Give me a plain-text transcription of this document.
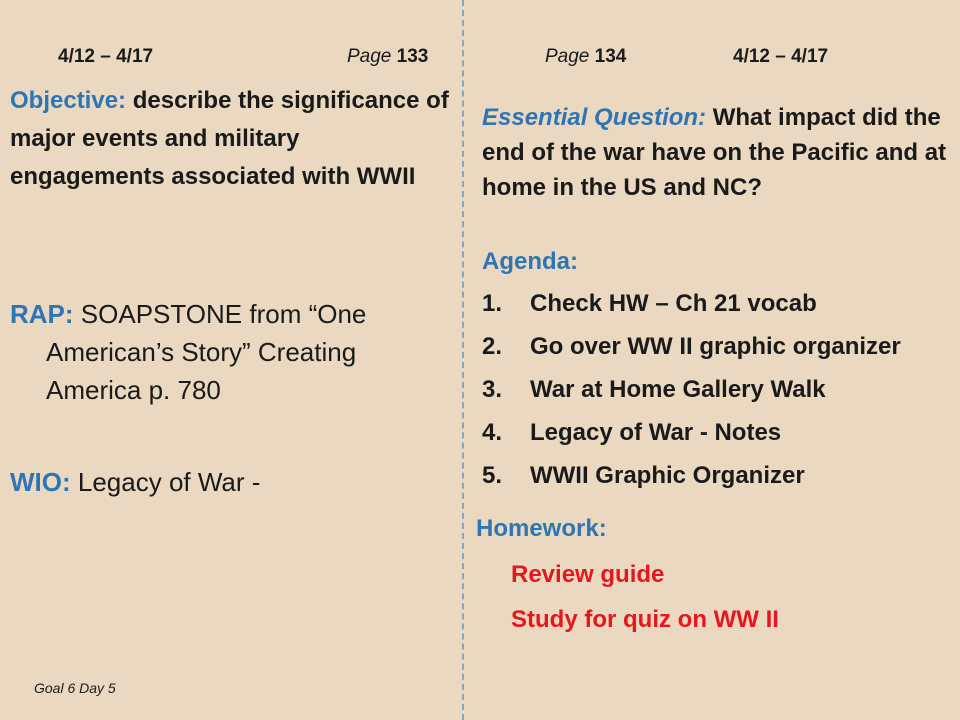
4/12 – 4/17	Page 133	Page 134	4/12 – 4/17

Objective: describe the significance of major events and military engagements associated with WWII

RAP: SOAPSTONE from “One
American’s Story” Creating
America p. 780

WIO: Legacy of War -

Essential Question: What impact did the end of the war have on the Pacific and at home in the US and NC?

Agenda:
1. Check HW – Ch 21 vocab
2. Go over WW II graphic organizer
3. War at Home Gallery Walk
4. Legacy of War - Notes
5. WWII Graphic Organizer
Homework:
Review guide
Study for quiz on WW II
Goal 6 Day 5
